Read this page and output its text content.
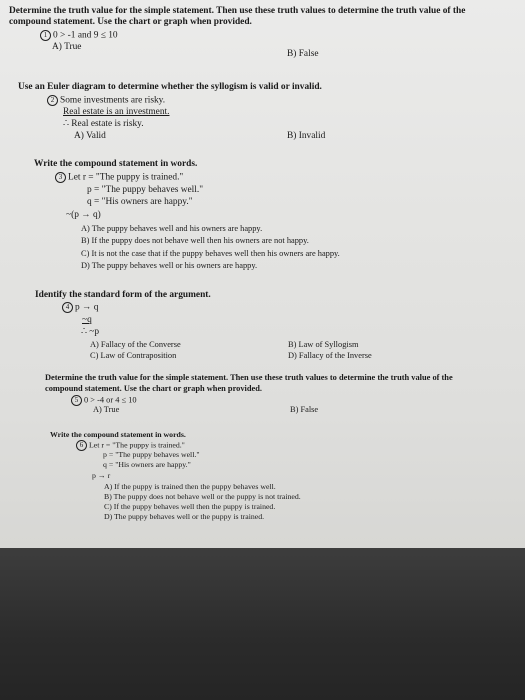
Determine the truth value for the simple statement. Then use these truth values to determine the truth value of the
compound statement. Use the chart or graph when provided.
1 0 > -1 and 9 ≤ 10
A) True
B) False
Use an Euler diagram to determine whether the syllogism is valid or invalid.
2 Some investments are risky.
Real estate is an investment.
∴ Real estate is risky.
A) Valid	B) Invalid
Write the compound statement in words.
3 Let r = "The puppy is trained."
p = "The puppy behaves well."
q = "His owners are happy."
~(p → q)
A) The puppy behaves well and his owners are happy.
B) If the puppy does not behave well then his owners are not happy.
C) It is not the case that if the puppy behaves well then his owners are happy.
D) The puppy behaves well or his owners are happy.
Identify the standard form of the argument.
4 p → q
~q
∴ ~p
A) Fallacy of the Converse	B) Law of Syllogism
C) Law of Contraposition	D) Fallacy of the Inverse
Determine the truth value for the simple statement. Then use these truth values to determine the truth value of the
compound statement. Use the chart or graph when provided.
5 0 > -4 or 4 ≤ 10
A) True	B) False
Write the compound statement in words.
6 Let r = "The puppy is trained."
p = "The puppy behaves well."
q = "His owners are happy."
p → r
A) If the puppy is trained then the puppy behaves well.
B) The puppy does not behave well or the puppy is not trained.
C) If the puppy behaves well then the puppy is trained.
D) The puppy behaves well or the puppy is trained.
